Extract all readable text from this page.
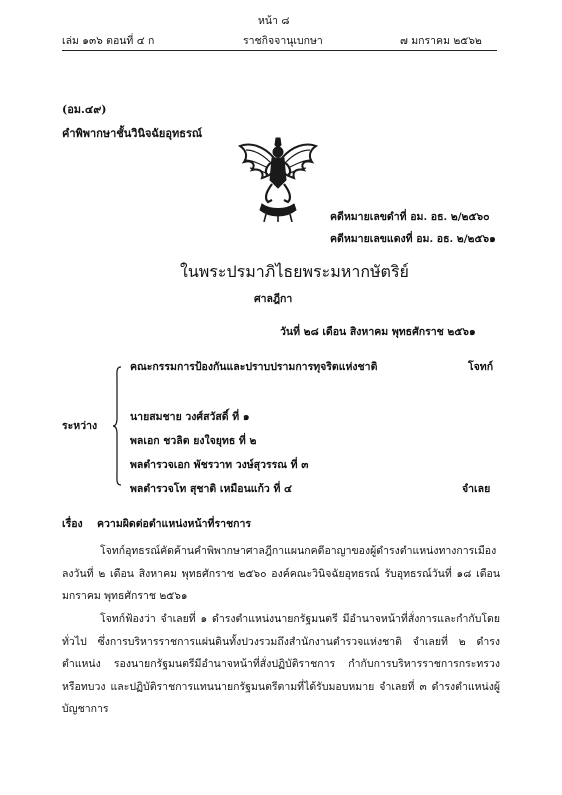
หน้า ๘
เล่ม ๑๓๖ ตอนที่ ๔ ก	ราชกิจจานุเบกษา	๗ มกราคม ๒๕๖๒
(อม.๔๙)
คำพิพากษาชั้นวินิจฉัยอุทธรณ์
คดีหมายเลขดำที่ อม. อธ. ๒/๒๕๖๐
คดีหมายเลขแดงที่ อม. อธ. ๒/๒๕๖๑
ในพระปรมาภิไธยพระมหากษัตริย์
ศาลฎีกา
วันที่ ๒๘ เดือน สิงหาคม พุทธศักราช ๒๕๖๑
คณะกรรมการป้องกันและปราบปรามการทุจริตแห่งชาติ	โจทก์
ระหว่าง
นายสมชาย วงศ์สวัสดิ์ ที่ ๑
พลเอก ชวลิต ยงใจยุทธ ที่ ๒
พลตำรวจเอก พัชรวาท วงษ์สุวรรณ ที่ ๓
พลตำรวจโท สุชาติ เหมือนแก้ว ที่ ๔	จำเลย
เรื่อง ความผิดต่อตำแหน่งหน้าที่ราชการ
โจทก์อุทธรณ์คัดค้านคำพิพากษาศาลฎีกาแผนกคดีอาญาของผู้ดำรงตำแหน่งทางการเมือง ลงวันที่ ๒ เดือน สิงหาคม พุทธศักราช ๒๕๖๐ องค์คณะวินิจฉัยอุทธรณ์ รับอุทธรณ์วันที่ ๑๘ เดือน มกราคม พุทธศักราช ๒๕๖๑
โจทก์ฟ้องว่า จำเลยที่ ๑ ดำรงตำแหน่งนายกรัฐมนตรี มีอำนาจหน้าที่สั่งการและกำกับโดยทั่วไป ซึ่งการบริหารราชการแผ่นดินทั้งปวงรวมถึงสำนักงานตำรวจแห่งชาติ จำเลยที่ ๒ ดำรงตำแหน่ง รองนายกรัฐมนตรีมีอำนาจหน้าที่สั่งปฏิบัติราชการ กำกับการบริหารราชการกระทรวง หรือทบวง และปฏิบัติราชการแทนนายกรัฐมนตรีตามที่ได้รับมอบหมาย จำเลยที่ ๓ ดำรงตำแหน่งผู้บัญชาการ
